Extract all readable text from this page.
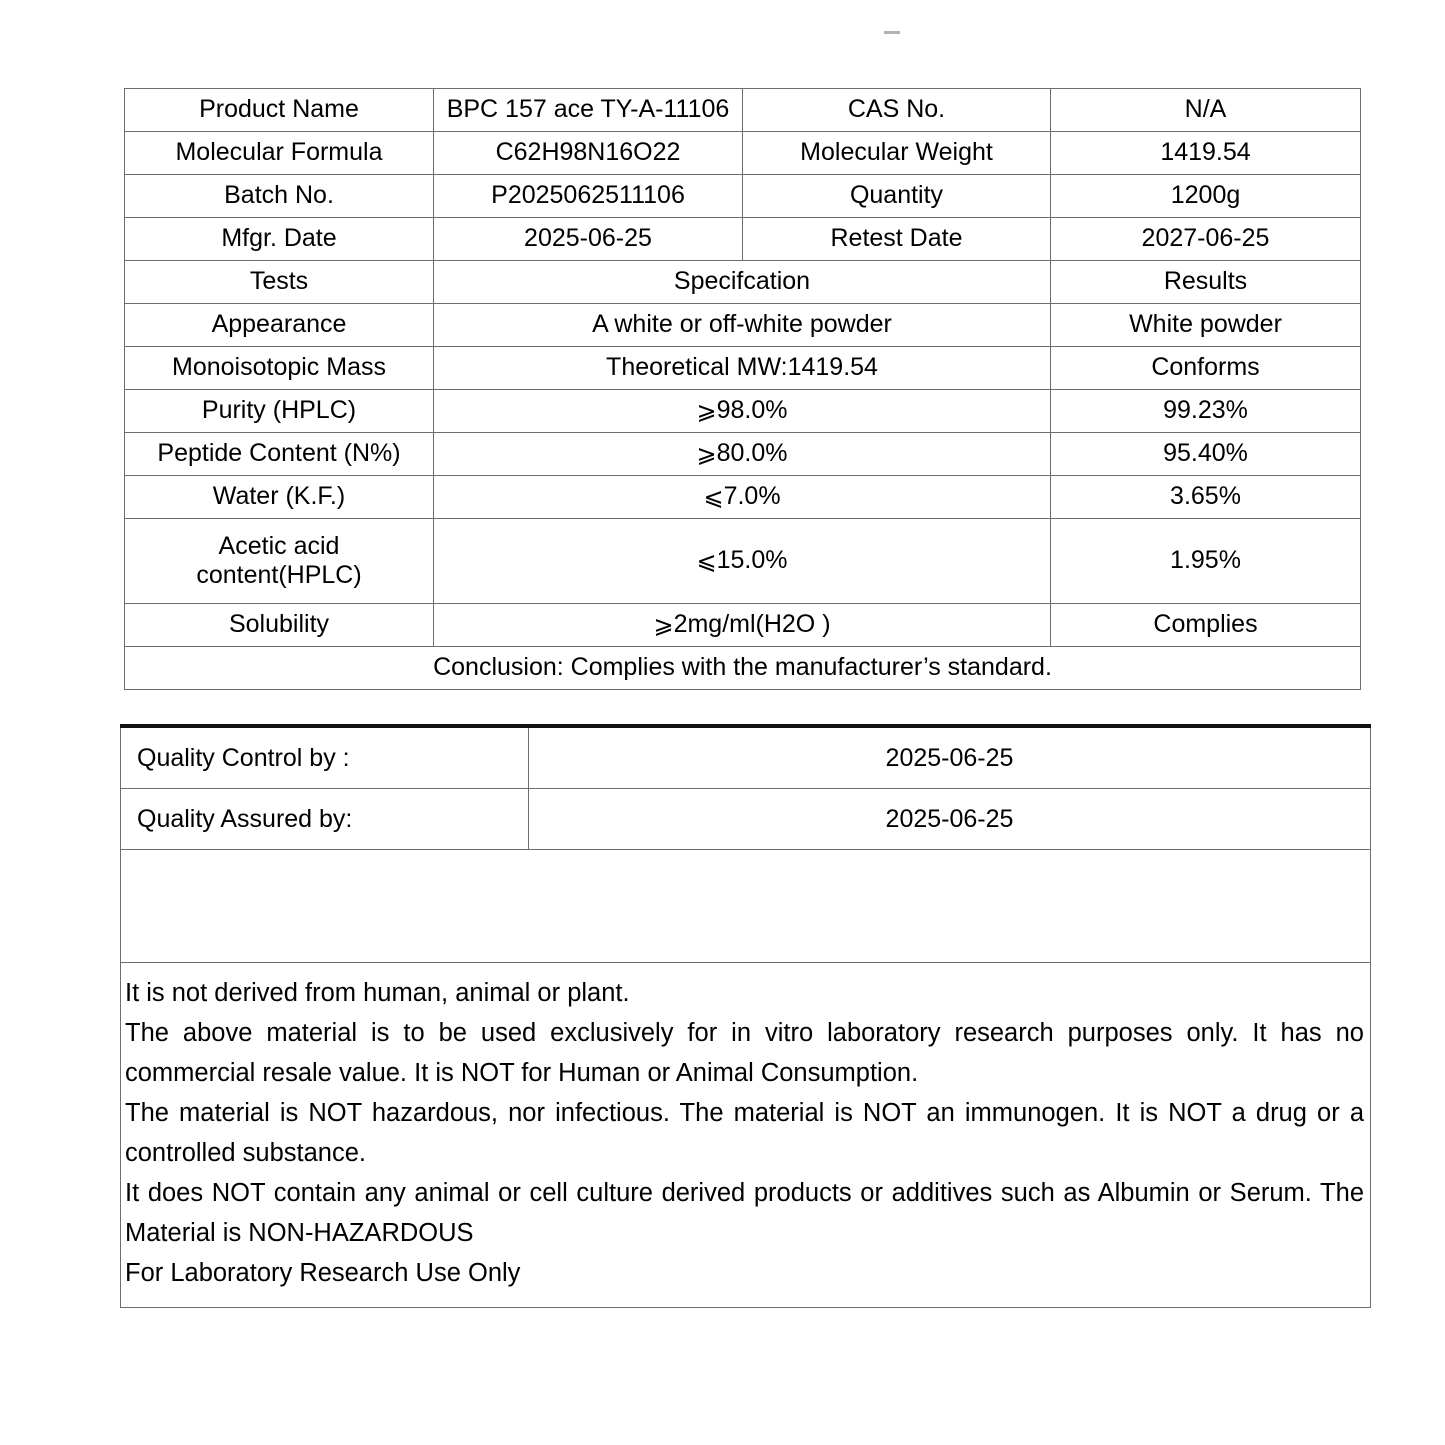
Product Name	BPC 157 ace TY-A-11106	CAS No.	N/A
Molecular Formula	C62H98N16O22	Molecular Weight	1419.54
Batch No.	P2025062511106	Quantity	1200g
Mfgr. Date	2025-06-25	Retest Date	2027-06-25
Tests	Specifcation		Results
Appearance	A white or off-white powder		White powder
Monoisotopic Mass	Theoretical MW:1419.54		Conforms
Purity (HPLC)	⩾98.0%		99.23%
Peptide Content (N%)	⩾80.0%		95.40%
Water (K.F.)	⩽7.0%		3.65%

Acetic acid
content(HPLC)	⩽15.0%		1.95%
Solubility	⩾2mg/ml(H2O )		Complies
Conclusion: Complies with the manufacturer’s standard.			
Quality Control by :	2025-06-25
Quality Assured by:	2025-06-25

It is not derived from human, animal or plant.

The above material is to be used exclusively for in vitro laboratory research purposes only. It has no commercial resale value. It is NOT for Human or Animal Consumption.

The material is NOT hazardous, nor infectious. The material is NOT an immunogen. It is NOT a drug or a controlled substance.

It does NOT contain any animal or cell culture derived products or additives such as Albumin or Serum. The Material is NON-HAZARDOUS

For Laboratory Research Use Only	
